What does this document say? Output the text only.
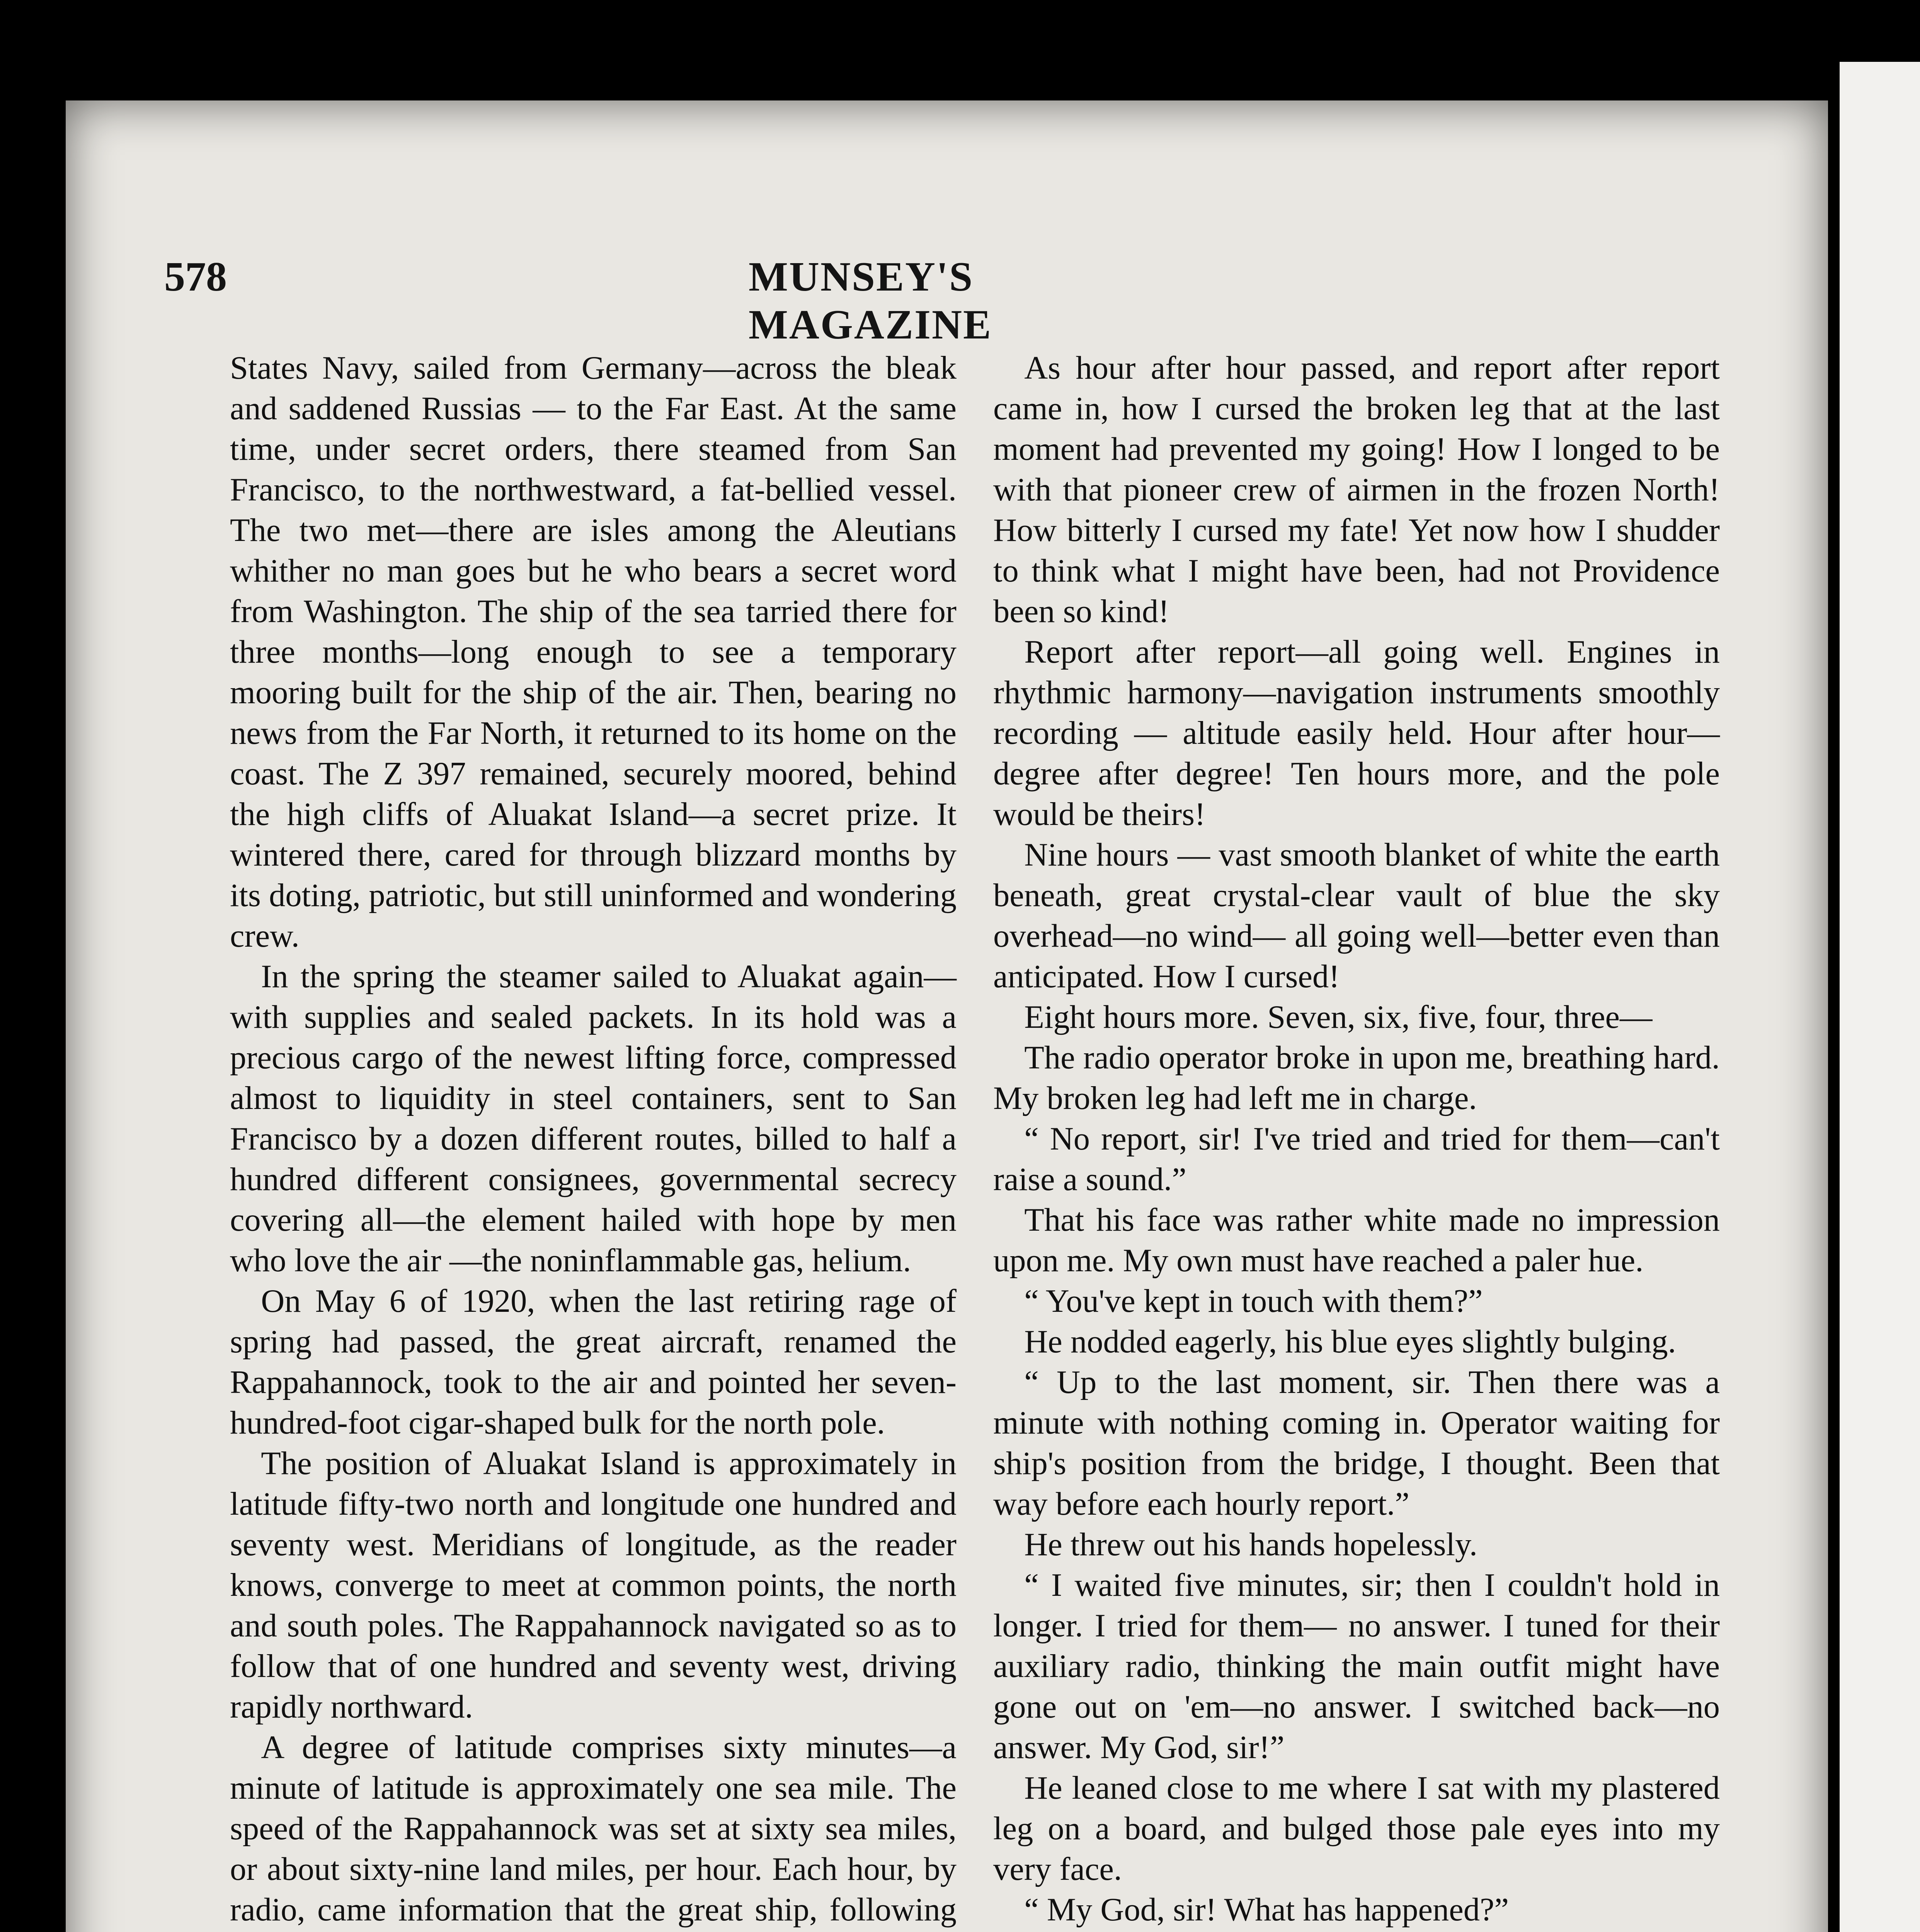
578	MUNSEY'S MAGAZINE

States Navy, sailed from Germany—across the bleak and saddened Russias — to the Far East. At the same time, under secret orders, there steamed from San Francisco, to the northwestward, a fat-bellied vessel. The two met—there are isles among the Aleutians whither no man goes but he who bears a secret word from Washington. The ship of the sea tarried there for three months—long enough to see a temporary mooring built for the ship of the air. Then, bearing no news from the Far North, it returned to its home on the coast. The Z 397 remained, securely moored, behind the high cliffs of Aluakat Island—a secret prize. It wintered there, cared for through blizzard months by its doting, patriotic, but still uninformed and wondering crew.

In the spring the steamer sailed to Aluakat again—with supplies and sealed packets. In its hold was a precious cargo of the newest lifting force, compressed almost to liquidity in steel containers, sent to San Francisco by a dozen different routes, billed to half a hundred different consignees, governmental secrecy covering all—the element hailed with hope by men who love the air —the noninflammable gas, helium.

On May 6 of 1920, when the last retiring rage of spring had passed, the great aircraft, renamed the Rappahannock, took to the air and pointed her seven-hundred-foot cigar-shaped bulk for the north pole.

The position of Aluakat Island is approximately in latitude fifty-two north and longitude one hundred and seventy west. Meridians of longitude, as the reader knows, converge to meet at common points, the north and south poles. The Rappahannock navigated so as to follow that of one hundred and seventy west, driving rapidly northward.

A degree of latitude comprises sixty minutes—a minute of latitude is approximately one sea mile. The speed of the Rappahannock was set at sixty sea miles, or about sixty-nine land miles, per hour. Each hour, by radio, came information that the great ship, following

As hour after hour passed, and report after report came in, how I cursed the broken leg that at the last moment had prevented my going! How I longed to be with that pioneer crew of airmen in the frozen North! How bitterly I cursed my fate! Yet now how I shudder to think what I might have been, had not Providence been so kind!

Report after report—all going well. Engines in rhythmic harmony—navigation instruments smoothly recording — altitude easily held. Hour after hour—degree after degree! Ten hours more, and the pole would be theirs!

Nine hours — vast smooth blanket of white the earth beneath, great crystal-clear vault of blue the sky overhead—no wind— all going well—better even than anticipated. How I cursed!

Eight hours more. Seven, six, five, four, three—

The radio operator broke in upon me, breathing hard. My broken leg had left me in charge.

“ No report, sir! I've tried and tried for them—can't raise a sound.”

That his face was rather white made no impression upon me. My own must have reached a paler hue.

“ You've kept in touch with them?”

He nodded eagerly, his blue eyes slightly bulging.

“ Up to the last moment, sir. Then there was a minute with nothing coming in. Operator waiting for ship's position from the bridge, I thought. Been that way before each hourly report.”

He threw out his hands hopelessly.

“ I waited five minutes, sir; then I couldn't hold in longer. I tried for them— no answer. I tuned for their auxiliary radio, thinking the main outfit might have gone out on 'em—no answer. I switched back—no answer. My God, sir!”

He leaned close to me where I sat with my plastered leg on a board, and bulged those pale eyes into my very face.

“ My God, sir! What has happened?”
